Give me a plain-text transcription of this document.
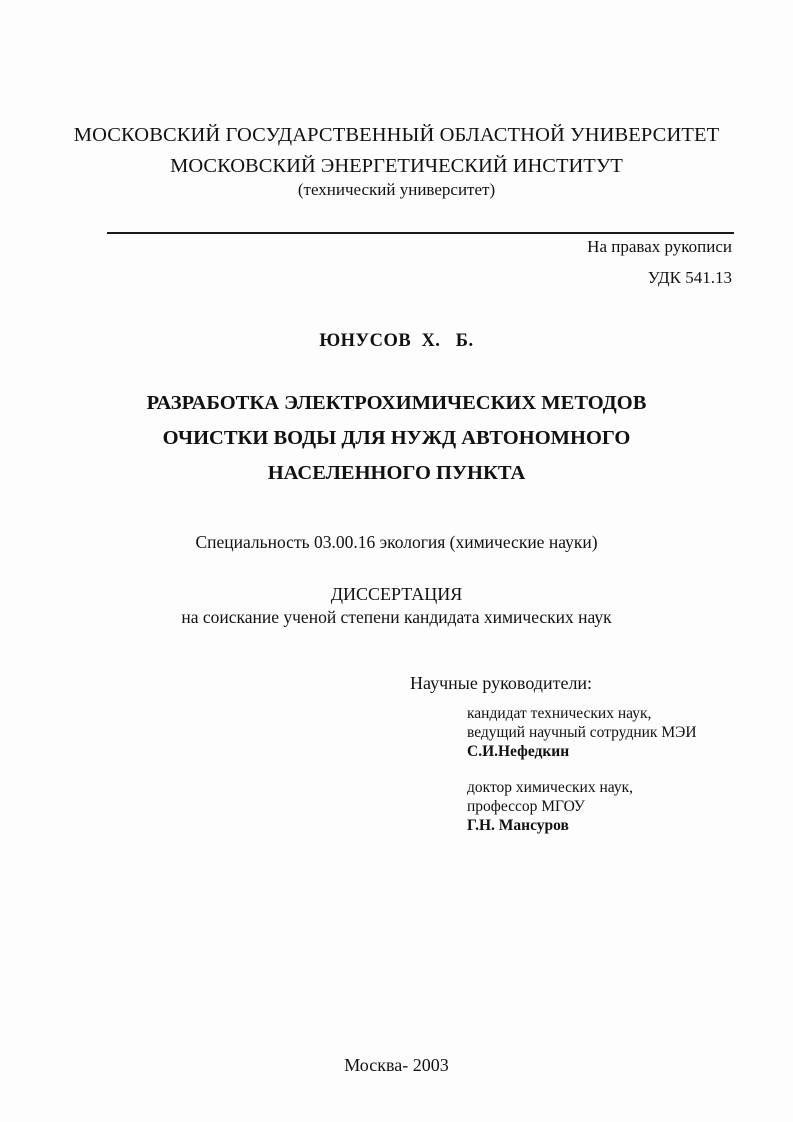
МОСКОВСКИЙ ГОСУДАРСТВЕННЫЙ ОБЛАСТНОЙ УНИВЕРСИТЕТ
МОСКОВСКИЙ ЭНЕРГЕТИЧЕСКИЙ ИНСТИТУТ
(технический университет)
На правах рукописи
УДК 541.13
ЮНУСОВ  Х.   Б.
РАЗРАБОТКА ЭЛЕКТРОХИМИЧЕСКИХ МЕТОДОВ
ОЧИСТКИ ВОДЫ ДЛЯ НУЖД АВТОНОМНОГО
НАСЕЛЕННОГО ПУНКТА
Специальность 03.00.16 экология (химические науки)
ДИССЕРТАЦИЯ
на соискание ученой степени кандидата химических наук
Научные руководители:
кандидат технических наук,
ведущий научный сотрудник МЭИ
С.И.Нефедкин
доктор химических наук,
профессор МГОУ
Г.Н. Мансуров
Москва- 2003
